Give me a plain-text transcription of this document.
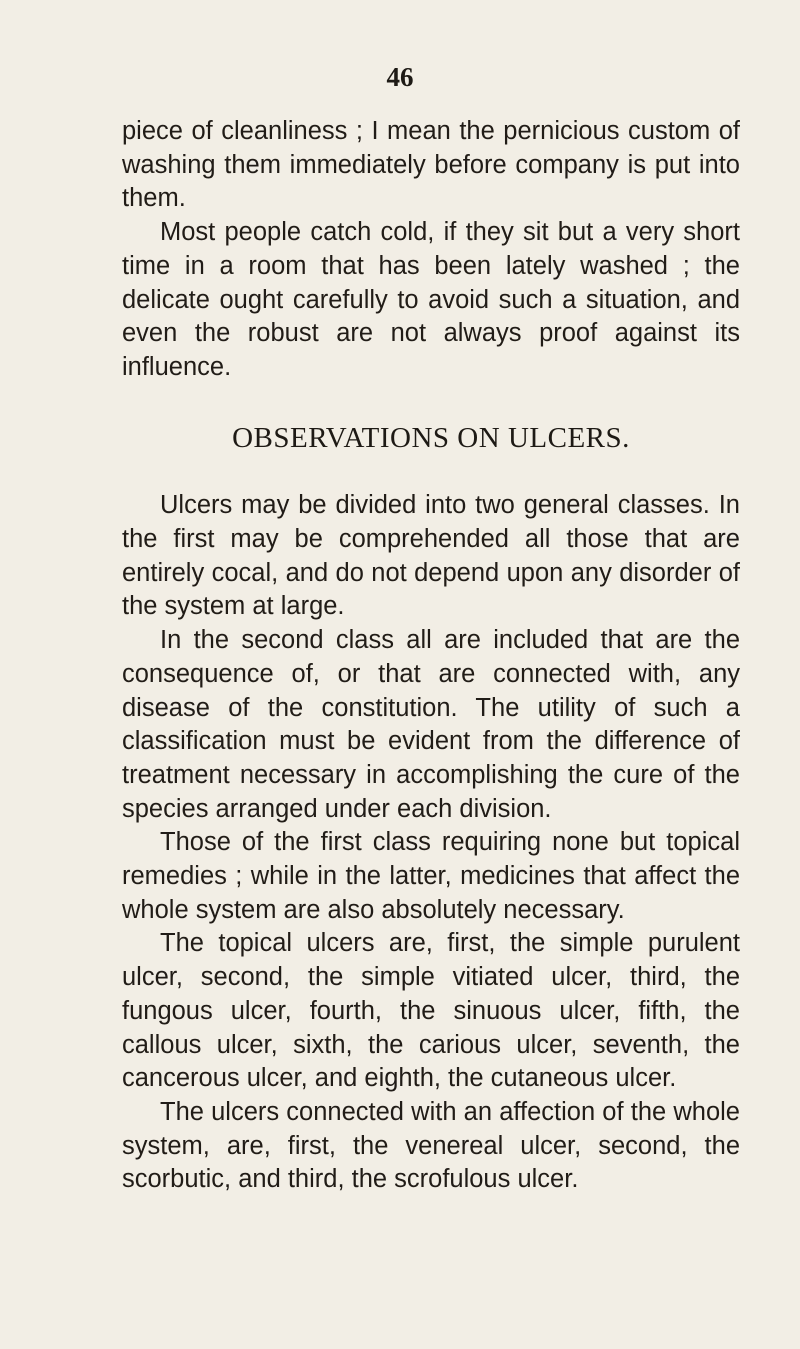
46

piece of cleanliness ; I mean the pernicious custom of washing them immediately before company is put into them.

Most people catch cold, if they sit but a very short time in a room that has been lately washed ; the delicate ought carefully to avoid such a situation, and even the robust are not always proof against its influence.

OBSERVATIONS ON ULCERS.

Ulcers may be divided into two general classes. In the first may be comprehended all those that are entirely cocal, and do not depend upon any disorder of the system at large.

In the second class all are included that are the consequence of, or that are connected with, any disease of the constitution. The utility of such a classification must be evident from the difference of treatment necessary in accomplishing the cure of the species arranged under each division.

Those of the first class requiring none but topical remedies ; while in the latter, medicines that affect the whole system are also absolutely necessary.

The topical ulcers are, first, the simple purulent ulcer, second, the simple vitiated ulcer, third, the fungous ulcer, fourth, the sinuous ulcer, fifth, the callous ulcer, sixth, the carious ulcer, seventh, the cancerous ulcer, and eighth, the cutaneous ulcer.

The ulcers connected with an affection of the whole system, are, first, the venereal ulcer, second, the scorbutic, and third, the scrofulous ulcer.
